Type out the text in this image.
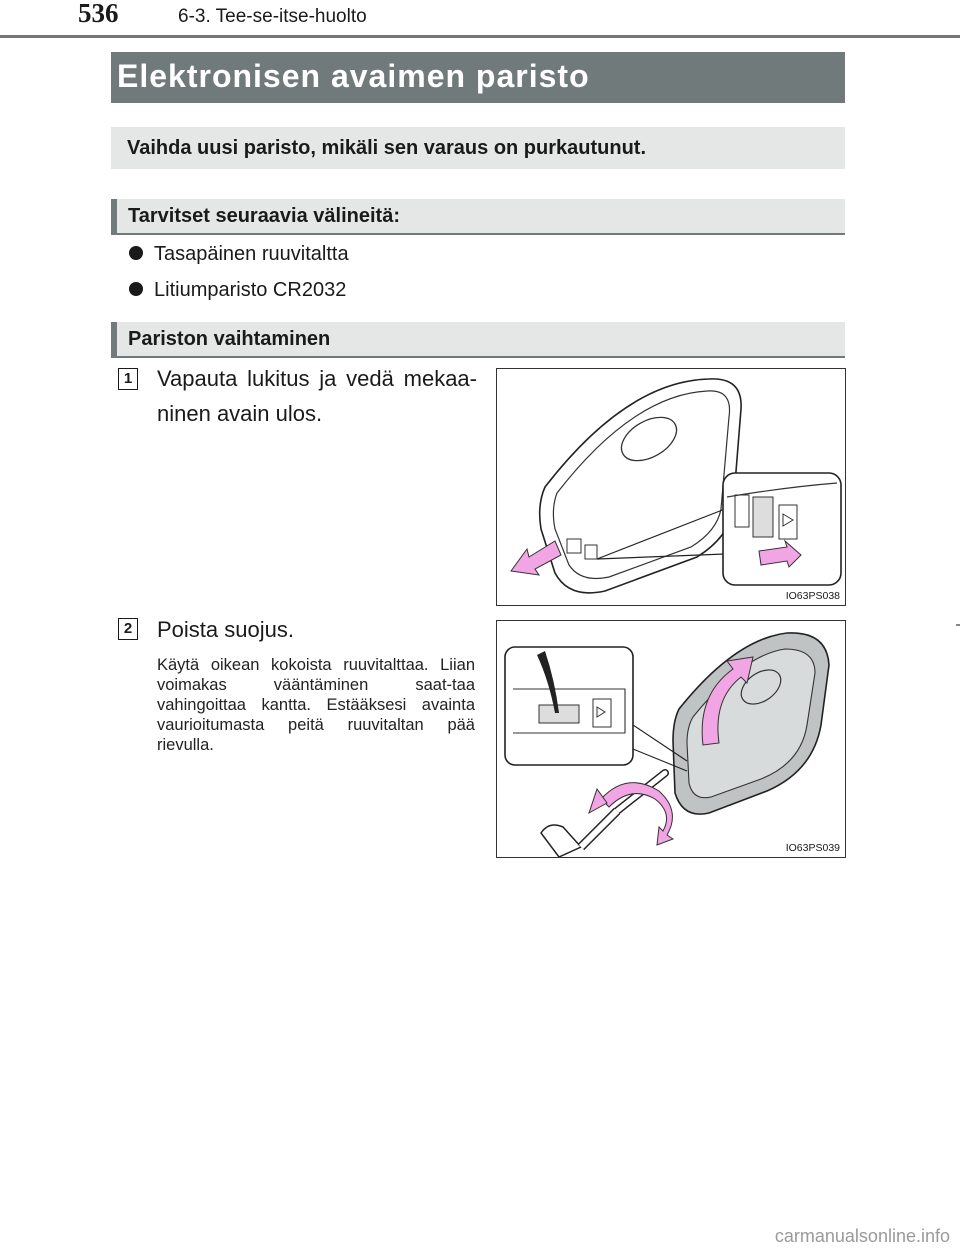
536	6-3. Tee-se-itse-huolto
Elektronisen avaimen paristo
Vaihda uusi paristo, mikäli sen varaus on purkautunut.
Tarvitset seuraavia välineitä:
Tasapäinen ruuvitaltta
Litiumparisto CR2032
Pariston vaihtaminen
1 Vapauta lukitus ja vedä mekaa-ninen avain ulos.
IO63PS038
2 Poista suojus.
Käytä oikean kokoista ruuvitalttaa. Liian voimakas vääntäminen saat-taa vahingoittaa kantta. Estääksesi avainta vaurioitumasta peitä ruuvitaltan pää rievulla.
IO63PS039
carmanualsonline.info
